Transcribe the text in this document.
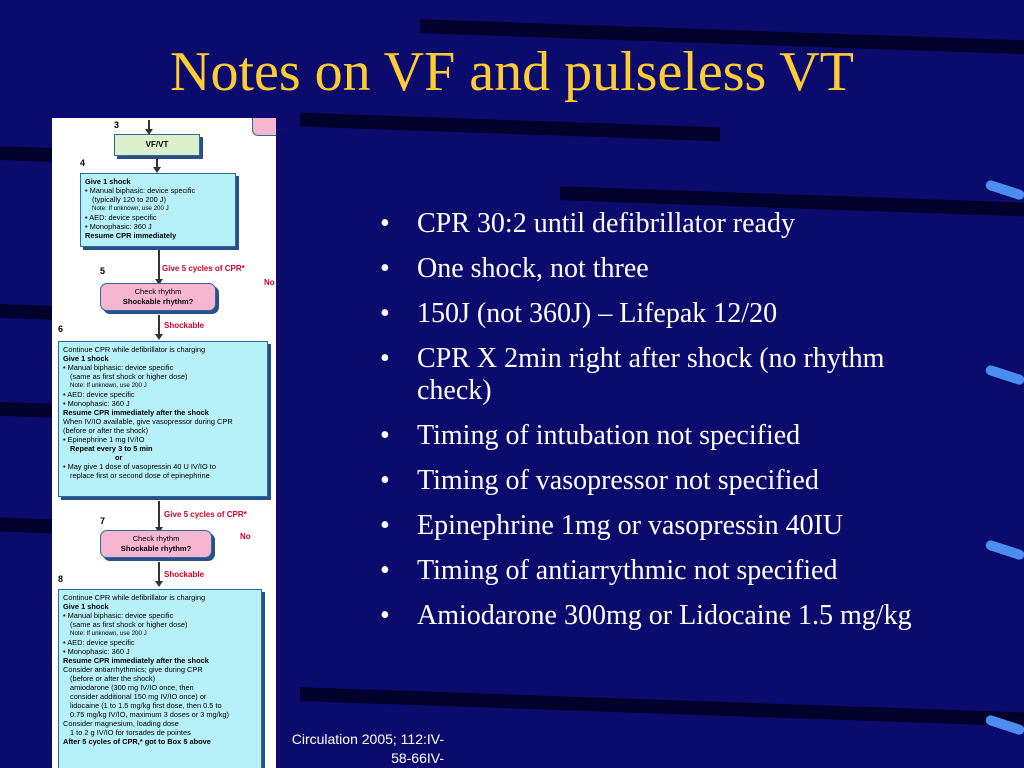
Notes on VF and pulseless VT
3
VF/VT
4
Give 1 shock
• Manual biphasic: device specific
(typically 120 to 200 J)
Note: If unknown, use 200 J
• AED: device specific
• Monophasic: 360 J
Resume CPR immediately
5	Give 5 cycles of CPR*
Check rhythm
Shockable rhythm?
No
6	Shockable
Continue CPR while defibrillator is charging
Give 1 shock
• Manual biphasic: device specific
(same as first shock or higher dose)
Note: If unknown, use 200 J
• AED: device specific
• Monophasic: 360 J
Resume CPR immediately after the shock
When IV/IO available, give vasopressor during CPR
(before or after the shock)
• Epinephrine 1 mg IV/IO
Repeat every 3 to 5 min
or
• May give 1 dose of vasopressin 40 U IV/IO to
replace first or second dose of epinephrine
7
Give 5 cycles of CPR*
Check rhythm
Shockable rhythm?
No
8	Shockable
Continue CPR while defibrillator is charging
Give 1 shock
• Manual biphasic: device specific
(same as first shock or higher dose)
Note: If unknown, use 200 J
• AED: device specific
• Monophasic: 360 J
Resume CPR immediately after the shock
Consider antiarrhythmics; give during CPR
(before or after the shock)
amiodarone (300 mg IV/IO once, then
consider additional 150 mg IV/IO once) or
lidocaine (1 to 1.5 mg/kg first dose, then 0.5 to
0.75 mg/kg IV/IO, maximum 3 doses or 3 mg/kg)
Consider magnesium, loading dose
1 to 2 g IV/IO for torsades de pointes
After 5 cycles of CPR,* got to Box 5 above
• CPR 30:2 until defibrillator ready
• One shock, not three
• 150J (not 360J) – Lifepak 12/20
• CPR X 2min right after shock (no rhythm check)
• Timing of intubation not specified
• Timing of vasopressor not specified
• Epinephrine 1mg or vasopressin 40IU
• Timing of antiarrythmic not specified
• Amiodarone 300mg or Lidocaine 1.5 mg/kg
Circulation 2005; 112:IV-58-66IV-
